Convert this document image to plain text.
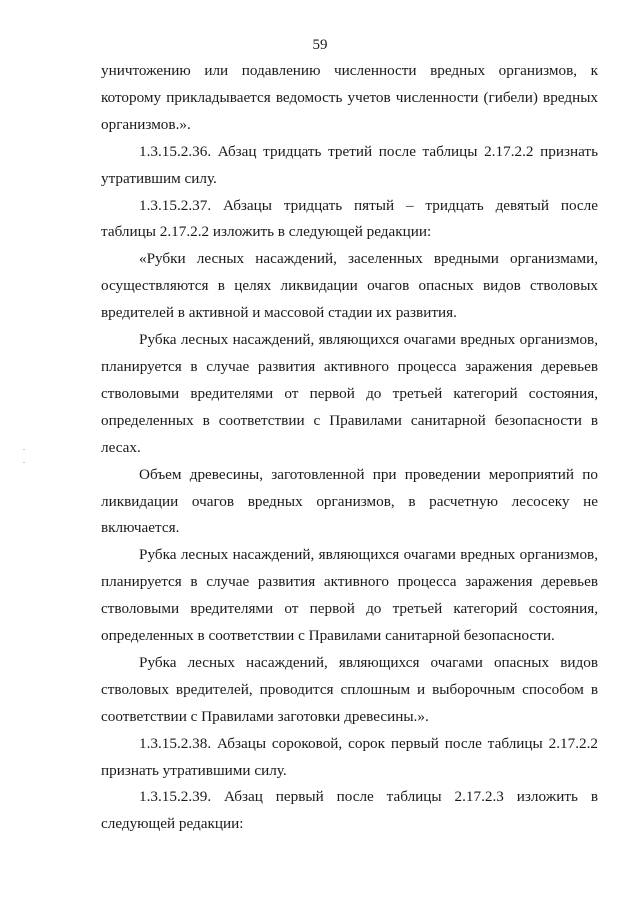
59

уничтожению или подавлению численности вредных организмов, к которому прикладывается ведомость учетов численности (гибели) вредных организмов.».

1.3.15.2.36. Абзац тридцать третий после таблицы 2.17.2.2 признать утратившим силу.

1.3.15.2.37. Абзацы тридцать пятый – тридцать девятый после таблицы 2.17.2.2 изложить в следующей редакции:

«Рубки лесных насаждений, заселенных вредными организмами, осуществляются в целях ликвидации очагов опасных видов стволовых вредителей в активной и массовой стадии их развития.

Рубка лесных насаждений, являющихся очагами вредных организмов, планируется в случае развития активного процесса заражения деревьев стволовыми вредителями от первой до третьей категорий состояния, определенных в соответствии с Правилами санитарной безопасности в лесах.

Объем древесины, заготовленной при проведении мероприятий по ликвидации очагов вредных организмов, в расчетную лесосеку не включается.

Рубка лесных насаждений, являющихся очагами вредных организмов, планируется в случае развития активного процесса заражения деревьев стволовыми вредителями от первой до третьей категорий состояния, определенных в соответствии с Правилами санитарной безопасности.

Рубка лесных насаждений, являющихся очагами опасных видов стволовых вредителей, проводится сплошным и выборочным способом в соответствии с Правилами заготовки древесины.».

1.3.15.2.38. Абзацы сороковой, сорок первый после таблицы 2.17.2.2 признать утратившими силу.

1.3.15.2.39. Абзац первый после таблицы 2.17.2.3 изложить в следующей редакции:
